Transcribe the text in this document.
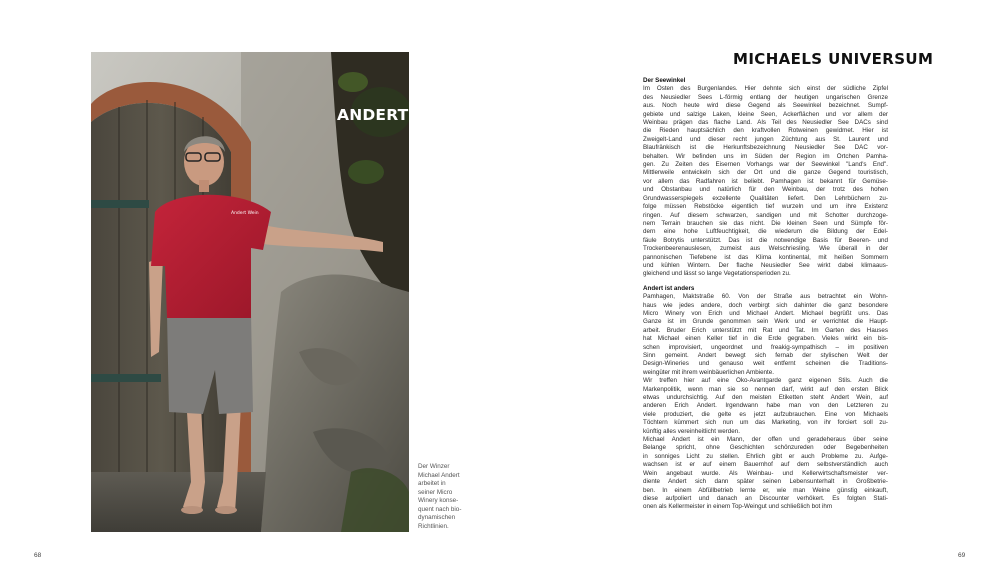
Andert Wein
ANDERT WEIN
Der Winzer
Michael Andert
arbeitet in
seiner Micro
Winery konse-
quent nach bio-
dynamischen
Richtlinien.
68
MICHAELS UNIVERSUM
Der Seewinkel
Im Osten des Burgenlandes. Hier dehnte sich einst der südliche Zipfel
des Neusiedler Sees L-förmig entlang der heutigen ungarischen Grenze
aus. Noch heute wird diese Gegend als Seewinkel bezeichnet. Sumpf-
gebiete und salzige Laken, kleine Seen, Ackerflächen und vor allem der
Weinbau prägen das flache Land. Als Teil des Neusiedler See DACs sind
die Rieden hauptsächlich den kraftvollen Rotweinen gewidmet. Hier ist
Zweigelt-Land und dieser recht jungen Züchtung aus St. Laurent und
Blaufränkisch ist die Herkunftsbezeichnung Neusiedler See DAC vor-
behalten. Wir befinden uns im Süden der Region im Örtchen Pamha-
gen. Zu Zeiten des Eisernen Vorhangs war der Seewinkel "Land's End".
Mittlerweile entwickeln sich der Ort und die ganze Gegend touristisch,
vor allem das Radfahren ist beliebt. Pamhagen ist bekannt für Gemüse-
und Obstanbau und natürlich für den Weinbau, der trotz des hohen
Grundwasserspiegels exzellente Qualitäten liefert. Den Lehrbüchern zu-
folge müssen Rebstöcke eigentlich tief wurzeln und um ihre Existenz
ringen. Auf diesem schwarzen, sandigen und mit Schotter durchzoge-
nem Terrain brauchen sie das nicht. Die kleinen Seen und Sümpfe för-
dern eine hohe Luftfeuchtigkeit, die wiederum die Bildung der Edel-
fäule Botrytis unterstützt. Das ist die notwendige Basis für Beeren- und
Trockenbeerenauslesen, zumeist aus Welschriesling. Wie überall in der
pannonischen Tiefebene ist das Klima kontinental, mit heißen Sommern
und kühlen Wintern. Der flache Neusiedler See wirkt dabei klimaaus-
gleichend und lässt so lange Vegetationsperioden zu.
Andert ist anders
Pamhagen, Maktstraße 60. Von der Straße aus betrachtet ein Wohn-
haus wie jedes andere, doch verbirgt sich dahinter die ganz besondere
Micro Winery von Erich und Michael Andert. Michael begrüßt uns. Das
Ganze ist im Grunde genommen sein Werk und er verrichtet die Haupt-
arbeit. Bruder Erich unterstützt mit Rat und Tat. Im Garten des Hauses
hat Michael einen Keller tief in die Erde gegraben. Vieles wirkt ein bis-
schen improvisiert, ungeordnet und freakig-sympathisch – im positiven
Sinn gemeint. Andert bewegt sich fernab der stylischen Welt der
Design-Wineries und genauso weit entfernt scheinen die Traditions-
weingüter mit ihrem weinbäuerlichen Ambiente.
Wir treffen hier auf eine Öko-Avantgarde ganz eigenen Stils. Auch die
Markenpolitik, wenn man sie so nennen darf, wirkt auf den ersten Blick
etwas undurchsichtig. Auf den meisten Etiketten steht Andert Wein, auf
anderen Erich Andert. Irgendwann habe man von den Letzteren zu
viele produziert, die gelte es jetzt aufzubrauchen. Eine von Michaels
Töchtern kümmert sich nun um das Marketing, von ihr forciert soll zu-
künftig alles vereinheitlicht werden.
Michael Andert ist ein Mann, der offen und geradeheraus über seine
Belange spricht, ohne Geschichten schönzureden oder Begebenheiten
in sonniges Licht zu stellen. Ehrlich gibt er auch Probleme zu. Aufge-
wachsen ist er auf einem Bauernhof auf dem selbstverständlich auch
Wein angebaut wurde. Als Weinbau- und Kellerwirtschaftsmeister ver-
diente Andert sich dann später seinen Lebensunterhalt in Großbetrie-
ben. In einem Abfüllbetrieb lernte er, wie man Weine günstig einkauft,
diese aufpoliert und danach an Discounter verhökert. Es folgten Stati-
onen als Kellermeister in einem Top-Weingut und schließlich bot ihm
69
